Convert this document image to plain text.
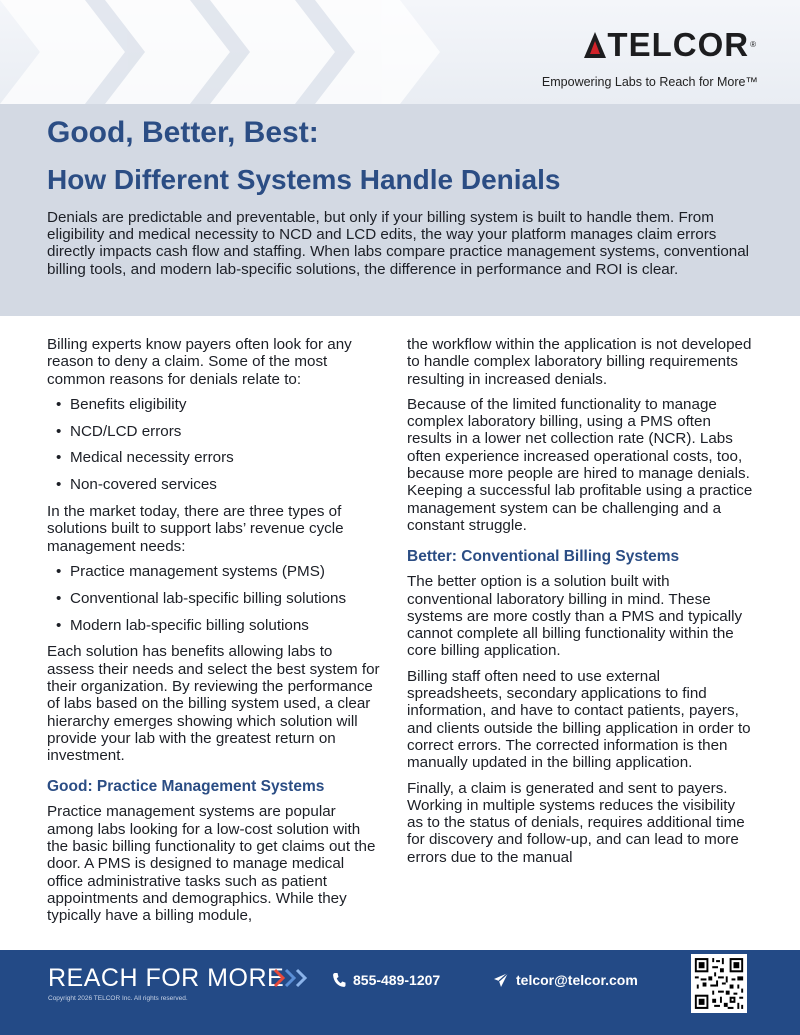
TELCOR ®
Empowering Labs to Reach for More™
Good, Better, Best:
How Different Systems Handle Denials

Denials are predictable and preventable, but only if your billing system is built to handle them. From eligibility and medical necessity to NCD and LCD edits, the way your platform manages claim errors directly impacts cash flow and staffing. When labs compare practice management systems, conventional billing tools, and modern lab-specific solutions, the difference in performance and ROI is clear.

Billing experts know payers often look for any reason to deny a claim. Some of the most common reasons for denials relate to:

• Benefits eligibility
• NCD/LCD errors
• Medical necessity errors
• Non-covered services

In the market today, there are three types of solutions built to support labs’ revenue cycle management needs:

• Practice management systems (PMS)
• Conventional lab-specific billing solutions
• Modern lab-specific billing solutions

Each solution has benefits allowing labs to assess their needs and select the best system for their organization. By reviewing the performance of labs based on the billing system used, a clear hierarchy emerges showing which solution will provide your lab with the greatest return on investment.

Good: Practice Management Systems

Practice management systems are popular among labs looking for a low-cost solution with the basic billing functionality to get claims out the door. A PMS is designed to manage medical office administrative tasks such as patient appointments and demographics. While they typically have a billing module,

the workflow within the application is not developed to handle complex laboratory billing requirements resulting in increased denials.

Because of the limited functionality to manage complex laboratory billing, using a PMS often results in a lower net collection rate (NCR). Labs often experience increased operational costs, too, because more people are hired to manage denials. Keeping a successful lab profitable using a practice management system can be challenging and a constant struggle.

Better: Conventional Billing Systems

The better option is a solution built with conventional laboratory billing in mind. These systems are more costly than a PMS and typically cannot complete all billing functionality within the core billing application.

Billing staff often need to use external spreadsheets, secondary applications to find information, and have to contact patients, payers, and clients outside the billing application in order to correct errors. The corrected information is then manually updated in the billing application.

Finally, a claim is generated and sent to payers. Working in multiple systems reduces the visibility as to the status of denials, requires additional time for discovery and follow-up, and can lead to more errors due to the manual

REACH FOR MORE
Copyright 2026 TELCOR Inc. All rights reserved.
855-489-1207	telcor@telcor.com
